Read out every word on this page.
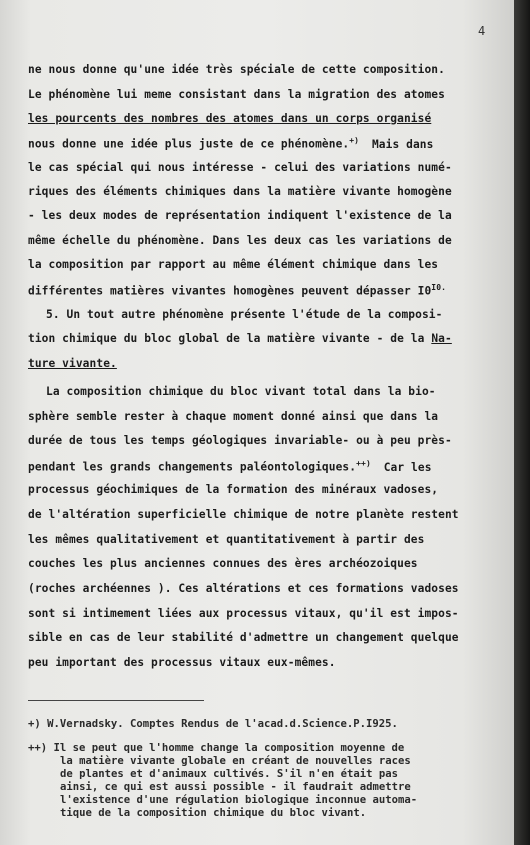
4
ne nous donne qu'une idée très spéciale de cette composition.
Le phénomène lui meme consistant dans la migration des atomes
les pourcents des nombres des atomes dans un corps organisé
nous donne une idée plus juste de ce phénomène.+) Mais dans
le cas spécial qui nous intéresse - celui des variations numé-
riques des éléments chimiques dans la matière vivante homogène
- les deux modes de représentation indiquent l'existence de la
même échelle du phénomène. Dans les deux cas les variations de
la composition par rapport au même élément chimique dans les
différentes matières vivantes homogènes peuvent dépasser $I0^{I0.}$
5. Un tout autre phénomène présente l'étude de la composi-
tion chimique du bloc global de la matière vivante - de la Na-
ture vivante.
La composition chimique du bloc vivant total dans la bio-
sphère semble rester à chaque moment donné ainsi que dans la
durée de tous les temps géologiques invariable- ou à peu près-
pendant les grands changements paléontologiques.++) Car les
processus géochimiques de la formation des minéraux vadoses,
de l'altération superficielle chimique de notre planète restent
les mêmes qualitativement et quantitativement à partir des
couches les plus anciennes connues des ères archéozoiques
(roches archéennes ). Ces altérations et ces formations vadoses
sont si intimement liées aux processus vitaux, qu'il est impos-
sible en cas de leur stabilité d'admettre un changement quelque
peu important des processus vitaux eux-mêmes.
+) W.Vernadsky. Comptes Rendus de l'acad.d.Science.P.I925.
++) Il se peut que l'homme change la composition moyenne de
la matière vivante globale en créant de nouvelles races
de plantes et d'animaux cultivés. S'il n'en était pas
ainsi, ce qui est aussi possible - il faudrait admettre
l'existence d'une régulation biologique inconnue automa-
tique de la composition chimique du bloc vivant.
